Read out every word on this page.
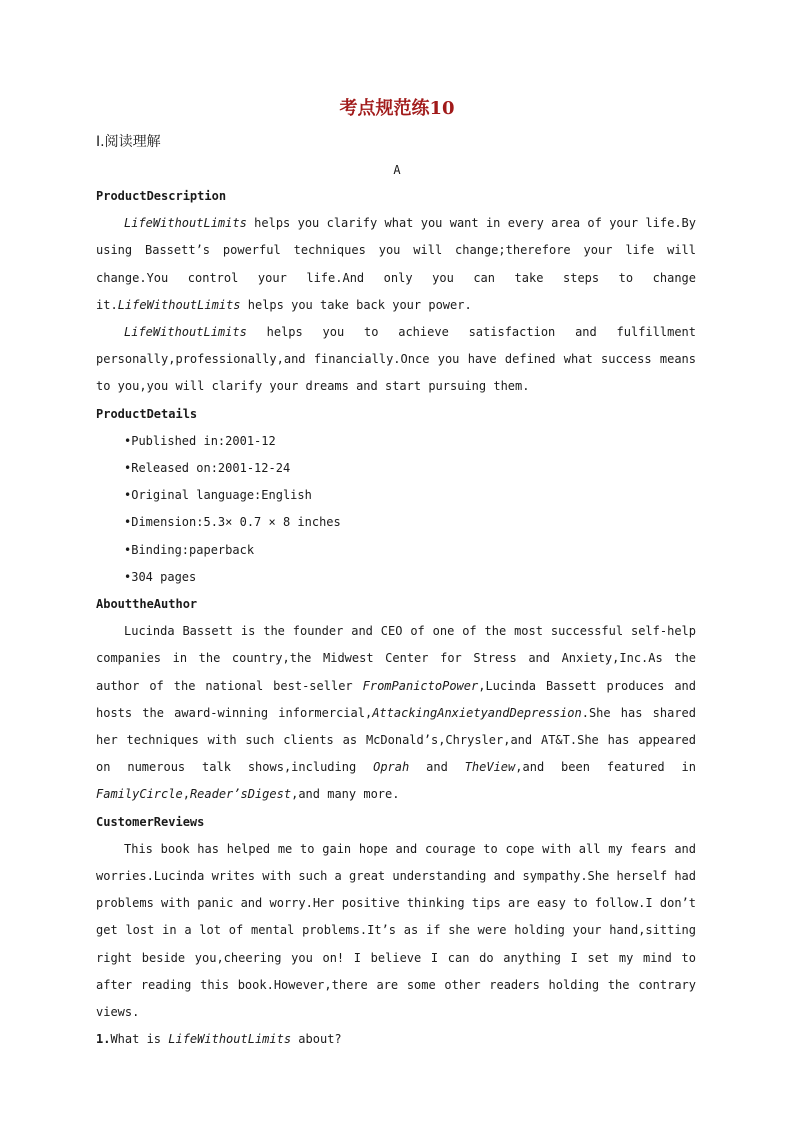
考点规范练10
Ⅰ.阅读理解
A
ProductDescription
LifeWithoutLimits helps you clarify what you want in every area of your life.By using Bassett’s powerful techniques you will change;therefore your life will change.You control your life.And only you can take steps to change it.LifeWithoutLimits helps you take back your power.
LifeWithoutLimits helps you to achieve satisfaction and fulfillment personally,professionally,and financially.Once you have defined what success means to you,you will clarify your dreams and start pursuing them.
ProductDetails
•Published in:2001-12
•Released on:2001-12-24
•Original language:English
•Dimension:5.3× 0.7 × 8 inches
•Binding:paperback
•304 pages
AbouttheAuthor
Lucinda Bassett is the founder and CEO of one of the most successful self-help companies in the country,the Midwest Center for Stress and Anxiety,Inc.As the author of the national best-seller FromPanictoPower,Lucinda Bassett produces and hosts the award-winning informercial,AttackingAnxietyandDepression.She has shared her techniques with such clients as McDonald’s,Chrysler,and AT&T.She has appeared on numerous talk shows,including Oprah and TheView,and been featured in FamilyCircle,Reader’sDigest,and many more.
CustomerReviews
This book has helped me to gain hope and courage to cope with all my fears and worries.Lucinda writes with such a great understanding and sympathy.She herself had problems with panic and worry.Her positive thinking tips are easy to follow.I don’t get lost in a lot of mental problems.It’s as if she were holding your hand,sitting right beside you,cheering you on! I believe I can do anything I set my mind to after reading this book.However,there are some other readers holding the contrary views.
1.What is LifeWithoutLimits about?
